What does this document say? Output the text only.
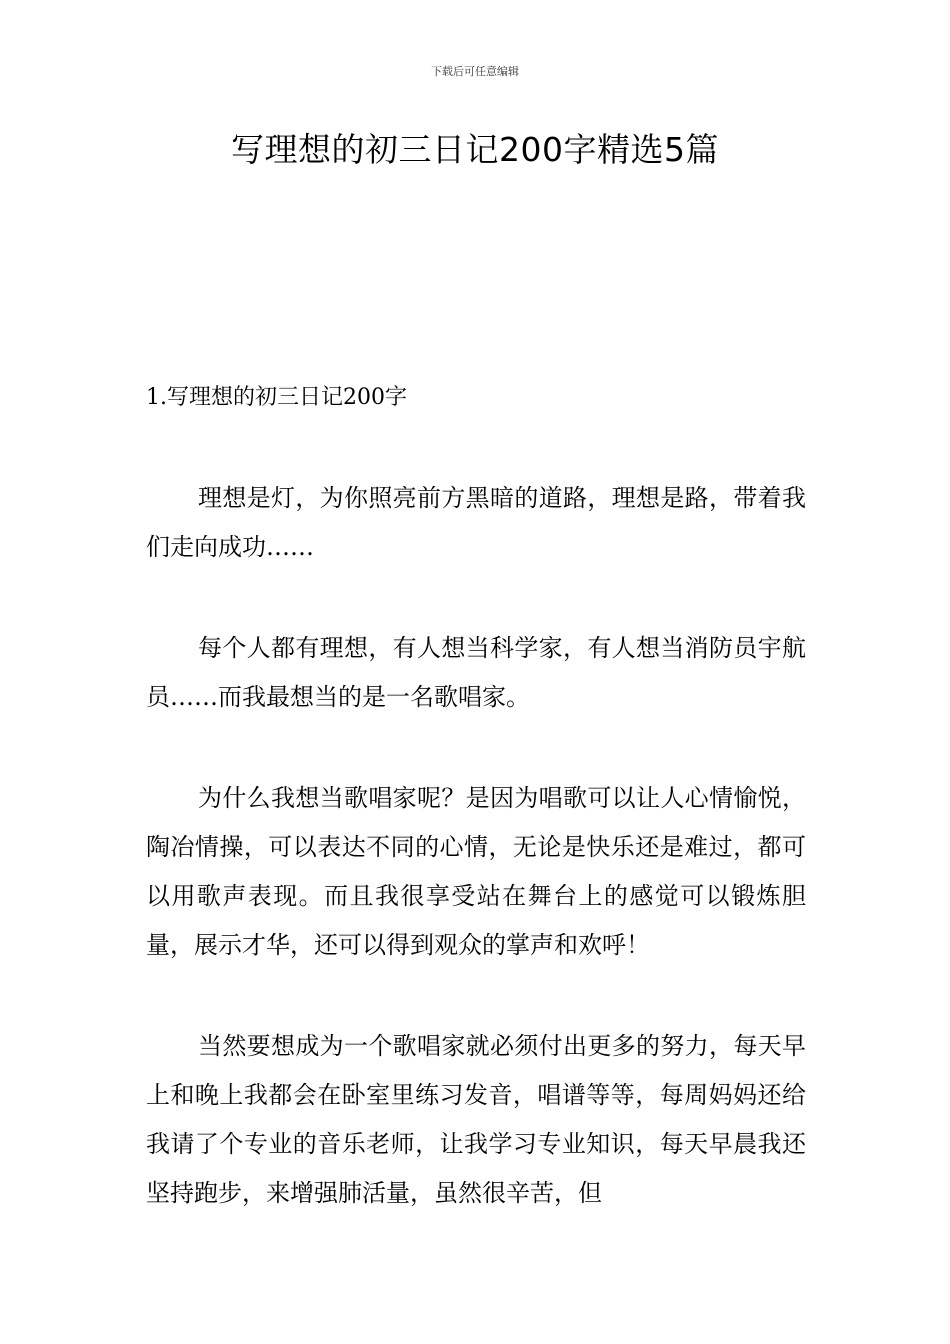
下载后可任意编辑
写理想的初三日记200字精选5篇
1.写理想的初三日记200字

理想是灯，为你照亮前方黑暗的道路，理想是路，带着我们走向成功……

每个人都有理想，有人想当科学家，有人想当消防员宇航员……而我最想当的是一名歌唱家。

为什么我想当歌唱家呢？是因为唱歌可以让人心情愉悦，陶冶情操，可以表达不同的心情，无论是快乐还是难过，都可以用歌声表现。而且我很享受站在舞台上的感觉可以锻炼胆量，展示才华，还可以得到观众的掌声和欢呼！

当然要想成为一个歌唱家就必须付出更多的努力，每天早上和晚上我都会在卧室里练习发音，唱谱等等，每周妈妈还给我请了个专业的音乐老师，让我学习专业知识，每天早晨我还坚持跑步，来增强肺活量，虽然很辛苦，但
